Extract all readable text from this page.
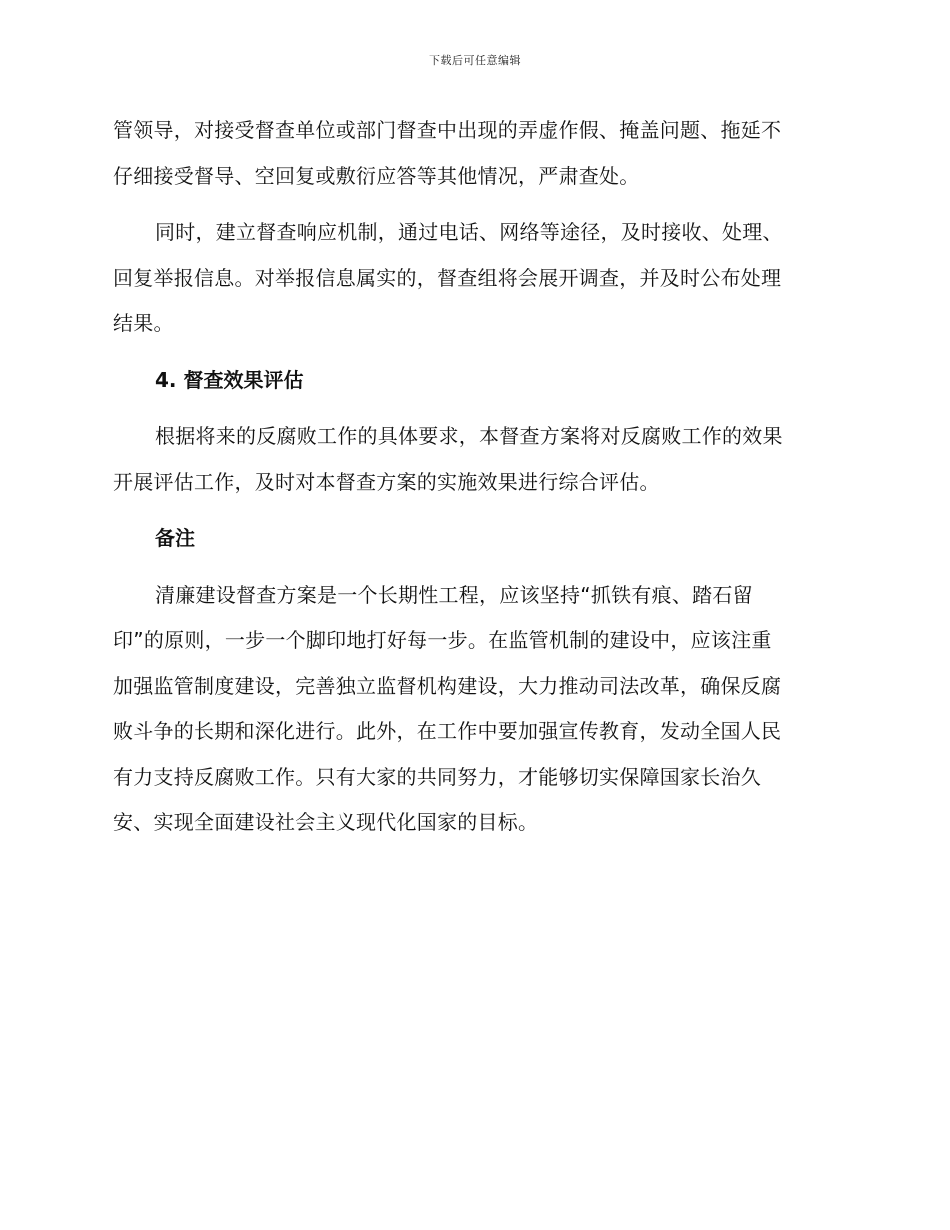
下载后可任意编辑

管领导，对接受督查单位或部门督查中出现的弄虚作假、掩盖问题、拖延不
仔细接受督导、空回复或敷衍应答等其他情况，严肃查处。

同时，建立督查响应机制，通过电话、网络等途径，及时接收、处理、
回复举报信息。对举报信息属实的，督查组将会展开调查，并及时公布处理
结果。

4. 督查效果评估

根据将来的反腐败工作的具体要求，本督查方案将对反腐败工作的效果
开展评估工作，及时对本督查方案的实施效果进行综合评估。

备注

清廉建设督查方案是一个长期性工程，应该坚持“抓铁有痕、踏石留
印”的原则，一步一个脚印地打好每一步。在监管机制的建设中，应该注重
加强监管制度建设，完善独立监督机构建设，大力推动司法改革，确保反腐
败斗争的长期和深化进行。此外，在工作中要加强宣传教育，发动全国人民
有力支持反腐败工作。只有大家的共同努力，才能够切实保障国家长治久
安、实现全面建设社会主义现代化国家的目标。
